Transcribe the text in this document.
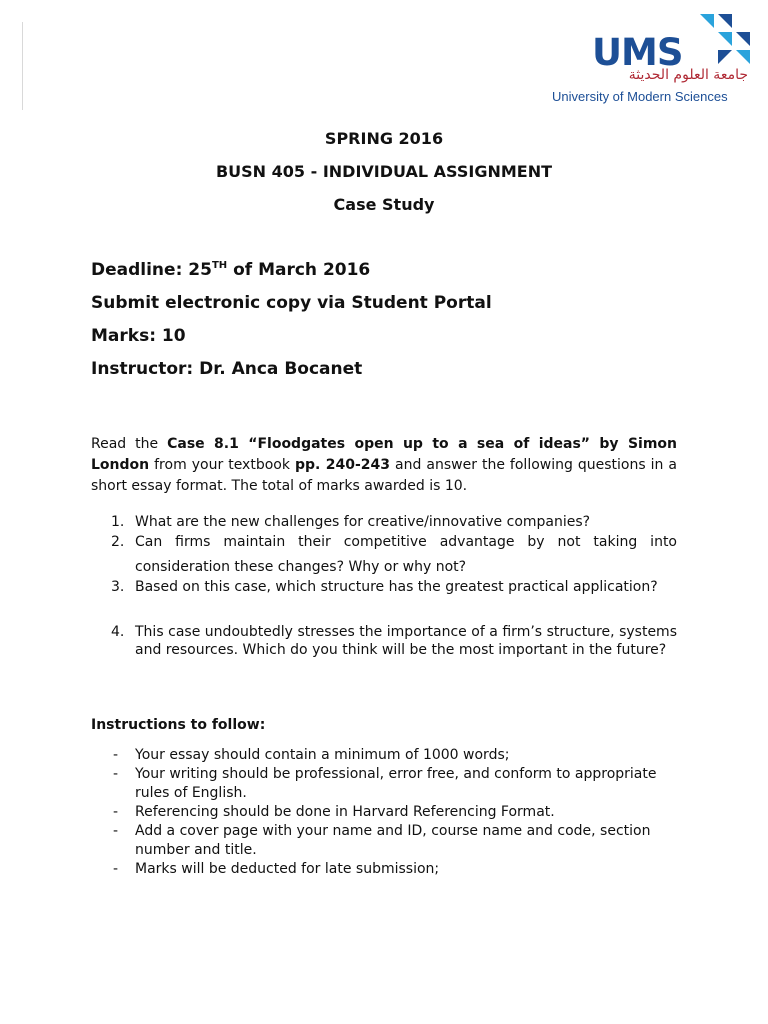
UMS
جامعة العلوم الحديثة
University of Modern Sciences
SPRING 2016
BUSN 405 - INDIVIDUAL ASSIGNMENT
Case Study
Deadline: 25TH of March 2016
Submit electronic copy via Student Portal
Marks: 10
Instructor: Dr. Anca Bocanet
Read the Case 8.1 “Floodgates open up to a sea of ideas” by Simon London from your textbook pp. 240-243 and answer the following questions in a short essay format. The total of marks awarded is 10.
1. What are the new challenges for creative/innovative companies?
2. Can firms maintain their competitive advantage by not taking into consideration these changes? Why or why not?
3. Based on this case, which structure has the greatest practical application?
4. This case undoubtedly stresses the importance of a firm’s structure, systems and resources. Which do you think will be the most important in the future?
Instructions to follow:
- Your essay should contain a minimum of 1000 words;
- Your writing should be professional, error free, and conform to appropriate rules of English.
- Referencing should be done in Harvard Referencing Format.
- Add a cover page with your name and ID, course name and code, section number and title.
- Marks will be deducted for late submission;
